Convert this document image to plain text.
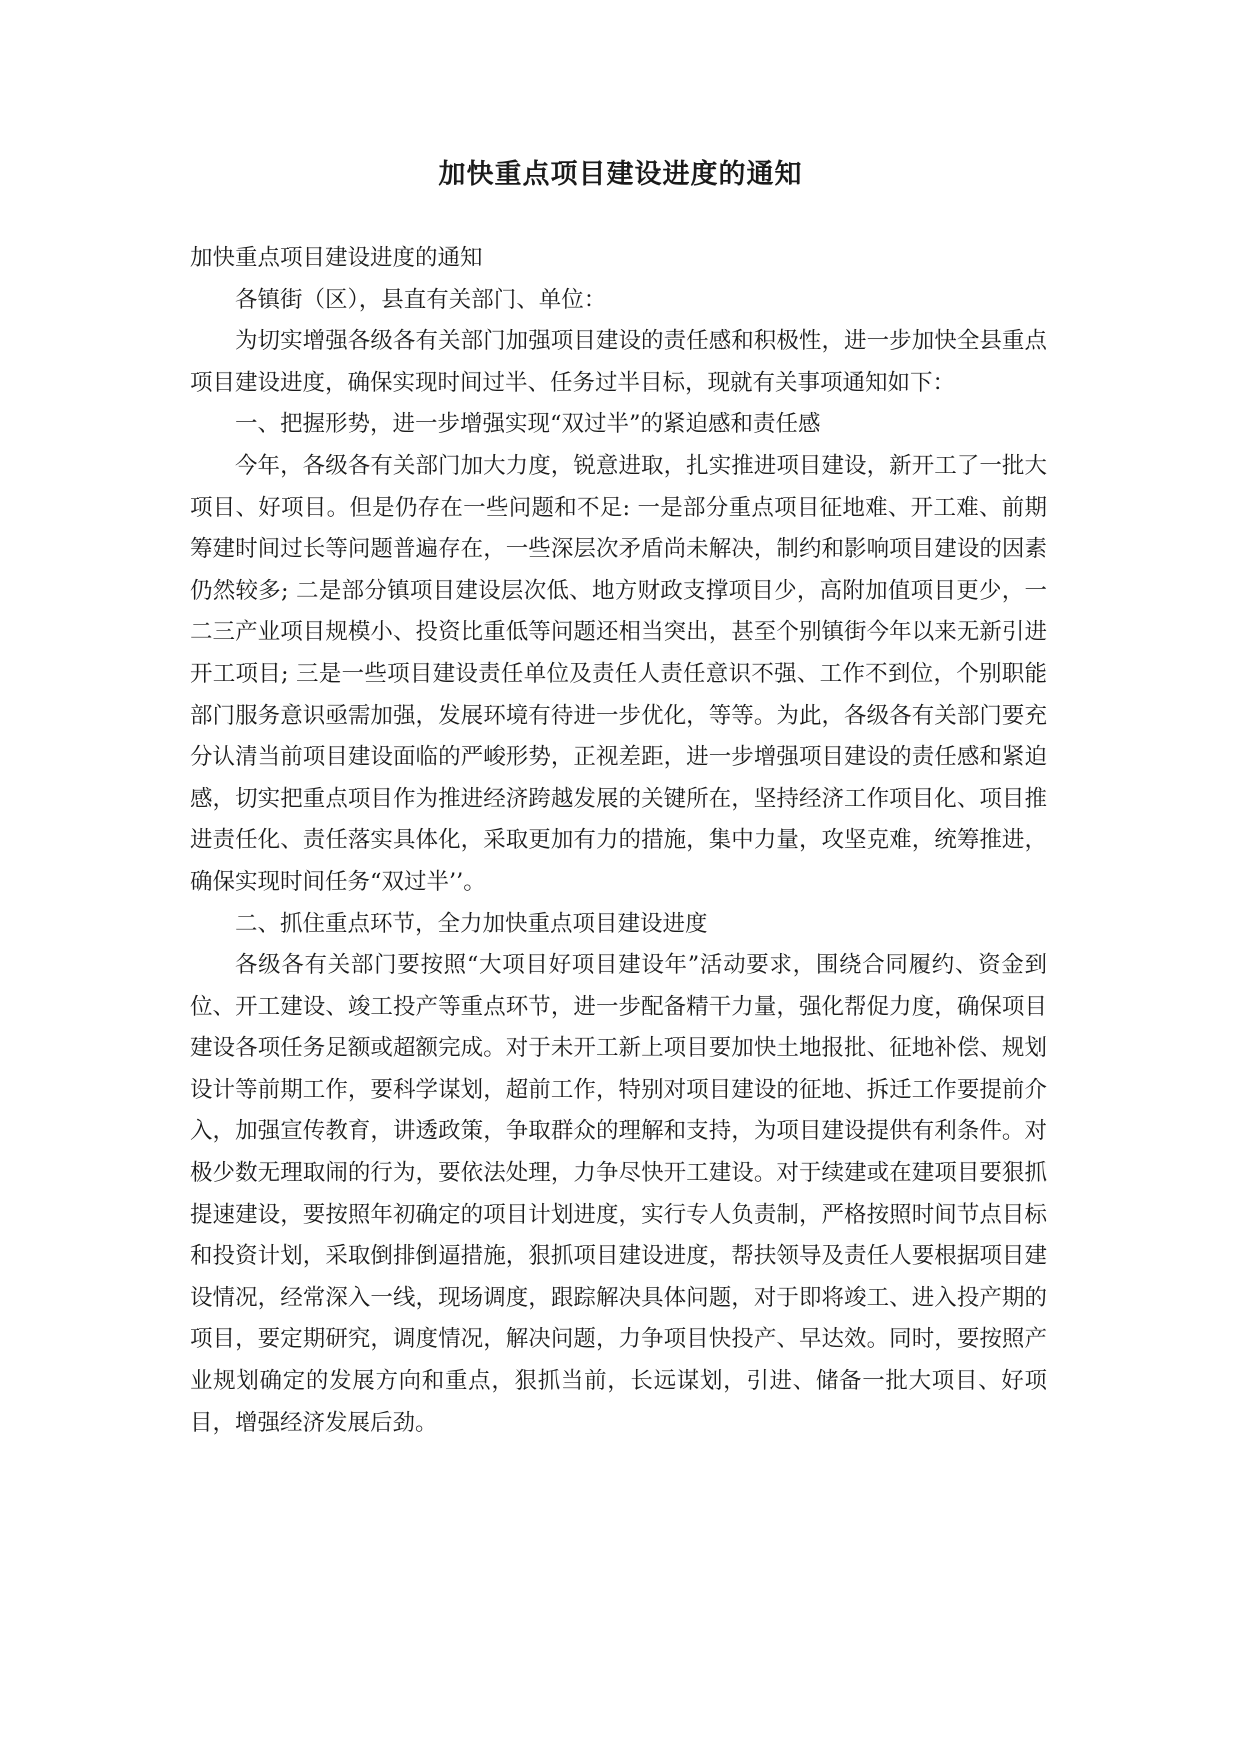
加快重点项目建设进度的通知

加快重点项目建设进度的通知

各镇街（区），县直有关部门、单位：

为切实增强各级各有关部门加强项目建设的责任感和积极性，进一步加快全县重点项目建设进度，确保实现时间过半、任务过半目标，现就有关事项通知如下：

一、把握形势，进一步增强实现“双过半”的紧迫感和责任感

今年，各级各有关部门加大力度，锐意进取，扎实推进项目建设，新开工了一批大项目、好项目。但是仍存在一些问题和不足: 一是部分重点项目征地难、开工难、前期筹建时间过长等问题普遍存在，一些深层次矛盾尚未解决，制约和影响项目建设的因素仍然较多; 二是部分镇项目建设层次低、地方财政支撑项目少，高附加值项目更少，一二三产业项目规模小、投资比重低等问题还相当突出，甚至个别镇街今年以来无新引进开工项目; 三是一些项目建设责任单位及责任人责任意识不强、工作不到位，个别职能部门服务意识亟需加强，发展环境有待进一步优化，等等。为此，各级各有关部门要充分认清当前项目建设面临的严峻形势，正视差距，进一步增强项目建设的责任感和紧迫感，切实把重点项目作为推进经济跨越发展的关键所在，坚持经济工作项目化、项目推进责任化、责任落实具体化，采取更加有力的措施，集中力量，攻坚克难，统筹推进，确保实现时间任务“双过半’’。

二、抓住重点环节，全力加快重点项目建设进度

各级各有关部门要按照“大项目好项目建设年”活动要求，围绕合同履约、资金到位、开工建设、竣工投产等重点环节，进一步配备精干力量，强化帮促力度，确保项目建设各项任务足额或超额完成。对于未开工新上项目要加快土地报批、征地补偿、规划设计等前期工作，要科学谋划，超前工作，特别对项目建设的征地、拆迁工作要提前介入，加强宣传教育，讲透政策，争取群众的理解和支持，为项目建设提供有利条件。对极少数无理取闹的行为，要依法处理，力争尽快开工建设。对于续建或在建项目要狠抓提速建设，要按照年初确定的项目计划进度，实行专人负责制，严格按照时间节点目标和投资计划，采取倒排倒逼措施，狠抓项目建设进度，帮扶领导及责任人要根据项目建设情况，经常深入一线，现场调度，跟踪解决具体问题，对于即将竣工、进入投产期的项目，要定期研究，调度情况，解决问题，力争项目快投产、早达效。同时，要按照产业规划确定的发展方向和重点，狠抓当前，长远谋划，引进、储备一批大项目、好项目，增强经济发展后劲。
